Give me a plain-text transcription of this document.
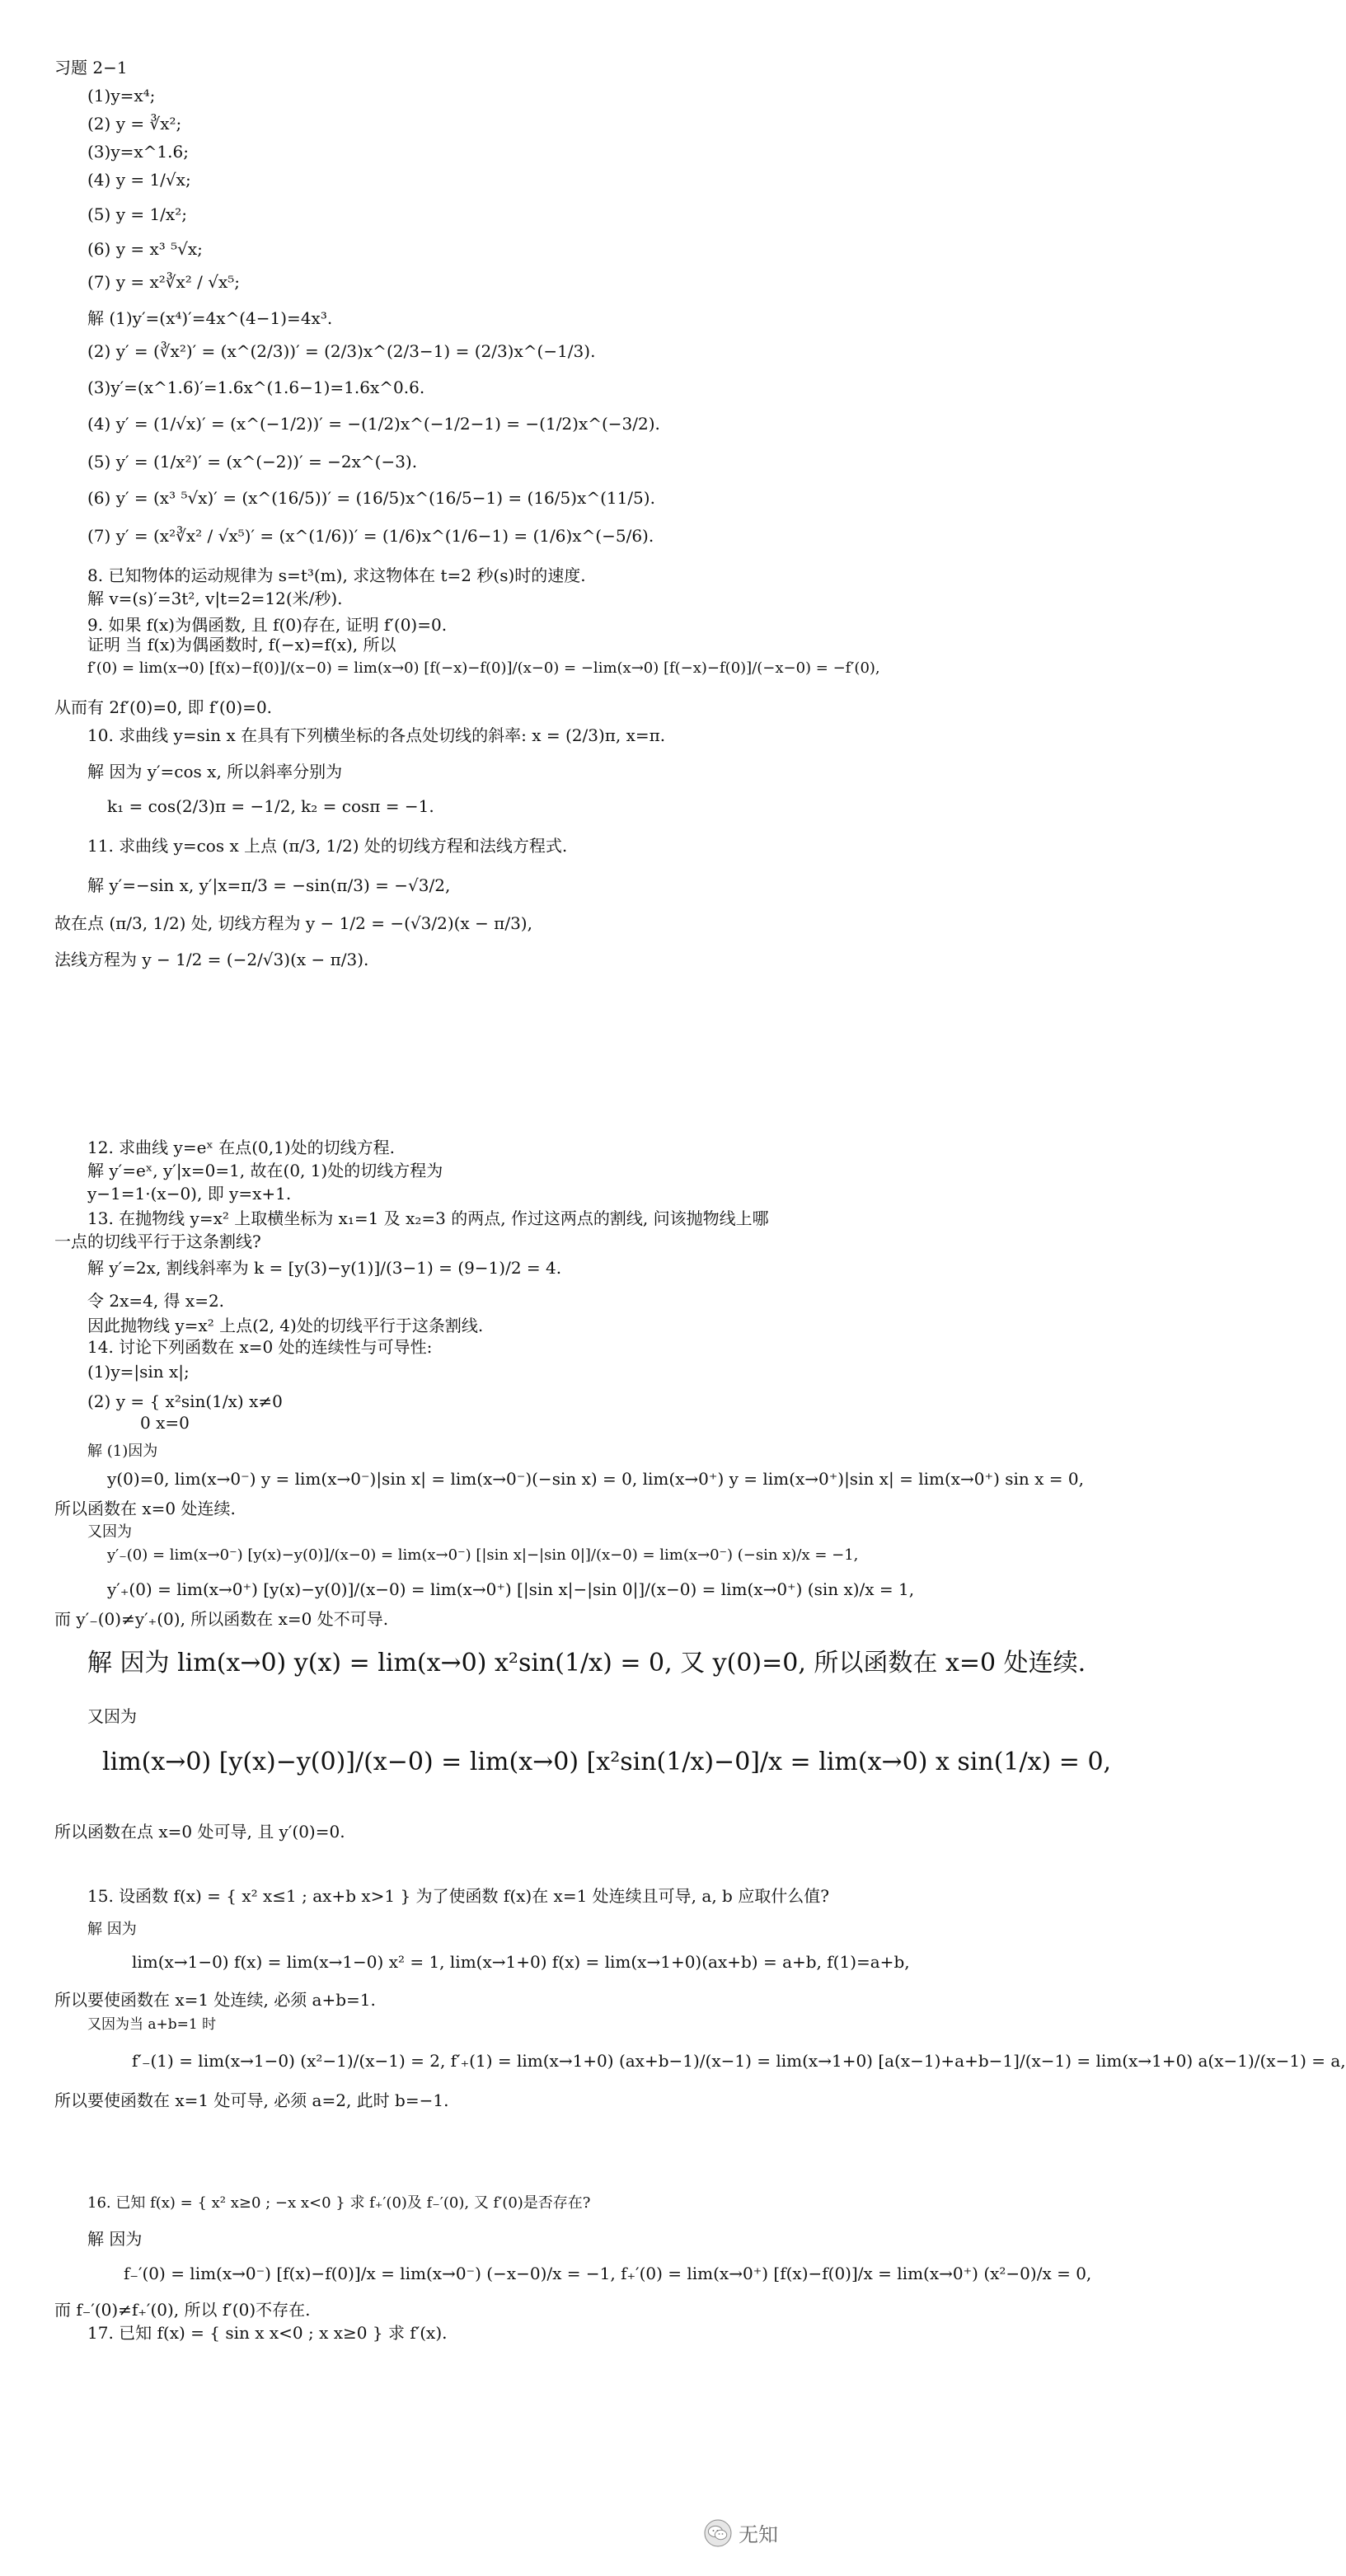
习题 2−1
(1)y=x⁴;
(2) y = ∛x²;
(3)y=x^1.6;
(4) y = 1/√x;
(5) y = 1/x²;
(6) y = x³ ⁵√x;
(7) y = x²∛x² / √x⁵;
解 (1)y′=(x⁴)′=4x^(4−1)=4x³.
(2) y′ = (∛x²)′ = (x^(2/3))′ = (2/3)x^(2/3−1) = (2/3)x^(−1/3).
(3)y′=(x^1.6)′=1.6x^(1.6−1)=1.6x^0.6.
(4) y′ = (1/√x)′ = (x^(−1/2))′ = −(1/2)x^(−1/2−1) = −(1/2)x^(−3/2).
(5) y′ = (1/x²)′ = (x^(−2))′ = −2x^(−3).
(6) y′ = (x³ ⁵√x)′ = (x^(16/5))′ = (16/5)x^(16/5−1) = (16/5)x^(11/5).
(7) y′ = (x²∛x² / √x⁵)′ = (x^(1/6))′ = (1/6)x^(1/6−1) = (1/6)x^(−5/6).
8. 已知物体的运动规律为 s=t³(m), 求这物体在 t=2 秒(s)时的速度.
解 v=(s)′=3t², v|t=2=12(米/秒).
9. 如果 f(x)为偶函数, 且 f(0)存在, 证明 f′(0)=0.
证明 当 f(x)为偶函数时, f(−x)=f(x), 所以
f′(0) = lim(x→0) [f(x)−f(0)]/(x−0) = lim(x→0) [f(−x)−f(0)]/(x−0) = −lim(x→0) [f(−x)−f(0)]/(−x−0) = −f′(0),
从而有 2f′(0)=0, 即 f′(0)=0.
10. 求曲线 y=sin x 在具有下列横坐标的各点处切线的斜率: x = (2/3)π, x=π.
解 因为 y′=cos x, 所以斜率分别为
k₁ = cos(2/3)π = −1/2, k₂ = cosπ = −1.
11. 求曲线 y=cos x 上点 (π/3, 1/2) 处的切线方程和法线方程式.
解 y′=−sin x, y′|x=π/3 = −sin(π/3) = −√3/2,
故在点 (π/3, 1/2) 处, 切线方程为 y − 1/2 = −(√3/2)(x − π/3),
法线方程为 y − 1/2 = (−2/√3)(x − π/3).
12. 求曲线 y=eˣ 在点(0,1)处的切线方程.
解 y′=eˣ, y′|x=0=1, 故在(0, 1)处的切线方程为
y−1=1·(x−0), 即 y=x+1.
13. 在抛物线 y=x² 上取横坐标为 x₁=1 及 x₂=3 的两点, 作过这两点的割线, 问该抛物线上哪
一点的切线平行于这条割线?
解 y′=2x, 割线斜率为 k = [y(3)−y(1)]/(3−1) = (9−1)/2 = 4.
令 2x=4, 得 x=2.
因此抛物线 y=x² 上点(2, 4)处的切线平行于这条割线.
14. 讨论下列函数在 x=0 处的连续性与可导性:
(1)y=|sin x|;
(2) y = { x²sin(1/x) x≠0
0 x=0
解 (1)因为
y(0)=0, lim(x→0⁻) y = lim(x→0⁻)|sin x| = lim(x→0⁻)(−sin x) = 0, lim(x→0⁺) y = lim(x→0⁺)|sin x| = lim(x→0⁺) sin x = 0,
所以函数在 x=0 处连续.
又因为
y′₋(0) = lim(x→0⁻) [y(x)−y(0)]/(x−0) = lim(x→0⁻) [|sin x|−|sin 0|]/(x−0) = lim(x→0⁻) (−sin x)/x = −1,
y′₊(0) = lim(x→0⁺) [y(x)−y(0)]/(x−0) = lim(x→0⁺) [|sin x|−|sin 0|]/(x−0) = lim(x→0⁺) (sin x)/x = 1,
而 y′₋(0)≠y′₊(0), 所以函数在 x=0 处不可导.
解 因为 lim(x→0) y(x) = lim(x→0) x²sin(1/x) = 0, 又 y(0)=0, 所以函数在 x=0 处连续.
又因为
lim(x→0) [y(x)−y(0)]/(x−0) = lim(x→0) [x²sin(1/x)−0]/x = lim(x→0) x sin(1/x) = 0,
所以函数在点 x=0 处可导, 且 y′(0)=0.
15. 设函数 f(x) = { x² x≤1 ; ax+b x>1 } 为了使函数 f(x)在 x=1 处连续且可导, a, b 应取什么值?
解 因为
lim(x→1−0) f(x) = lim(x→1−0) x² = 1, lim(x→1+0) f(x) = lim(x→1+0)(ax+b) = a+b, f(1)=a+b,
所以要使函数在 x=1 处连续, 必须 a+b=1.
又因为当 a+b=1 时
f′₋(1) = lim(x→1−0) (x²−1)/(x−1) = 2, f′₊(1) = lim(x→1+0) (ax+b−1)/(x−1) = lim(x→1+0) [a(x−1)+a+b−1]/(x−1) = lim(x→1+0) a(x−1)/(x−1) = a,
所以要使函数在 x=1 处可导, 必须 a=2, 此时 b=−1.
16. 已知 f(x) = { x² x≥0 ; −x x<0 } 求 f₊′(0)及 f₋′(0), 又 f′(0)是否存在?
解 因为
f₋′(0) = lim(x→0⁻) [f(x)−f(0)]/x = lim(x→0⁻) (−x−0)/x = −1, f₊′(0) = lim(x→0⁺) [f(x)−f(0)]/x = lim(x→0⁺) (x²−0)/x = 0,
而 f₋′(0)≠f₊′(0), 所以 f′(0)不存在.
17. 已知 f(x) = { sin x x<0 ; x x≥0 } 求 f′(x).
无知
